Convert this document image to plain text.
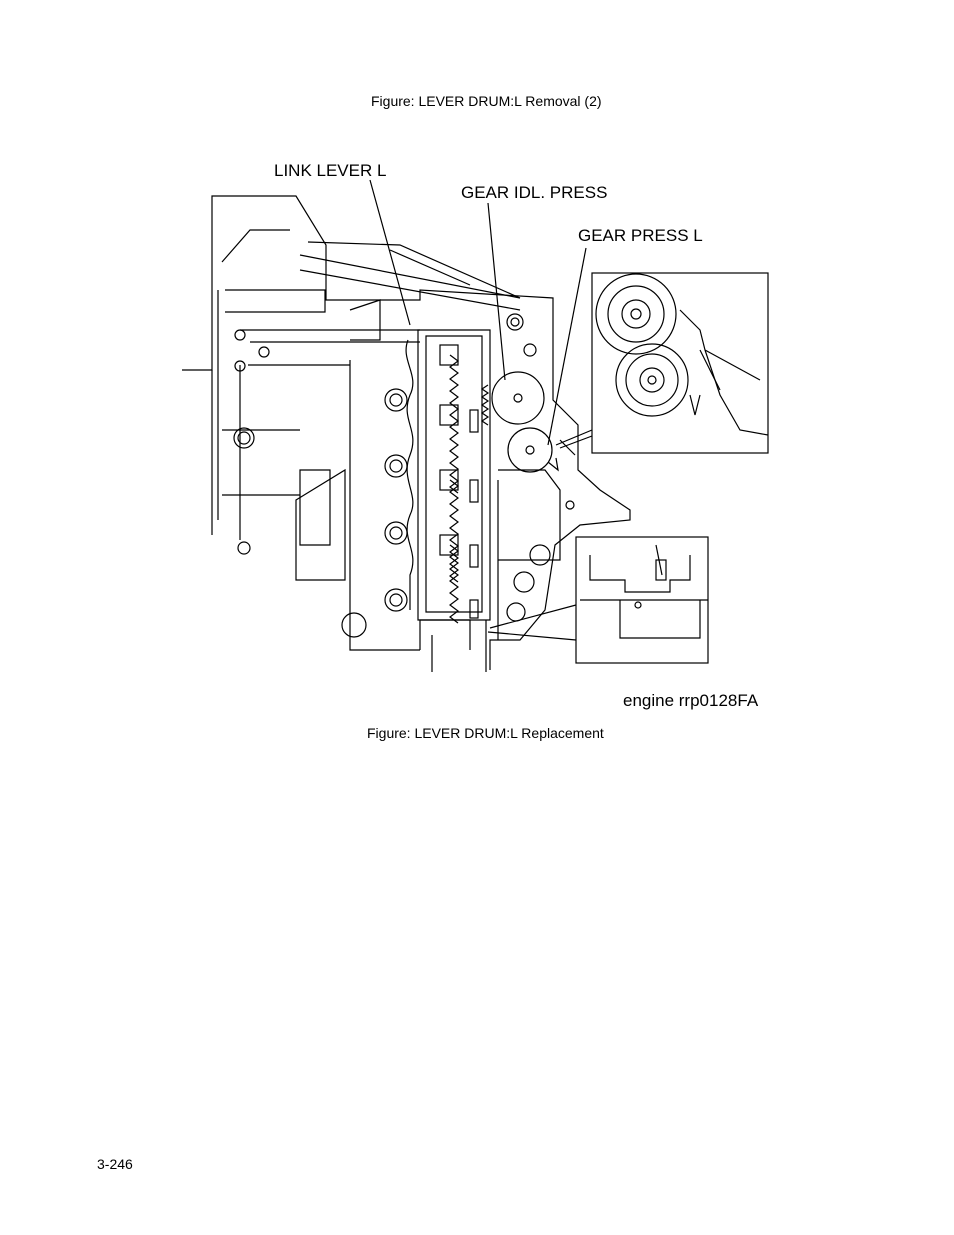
Figure: LEVER DRUM:L Removal (2)
LINK LEVER L
GEAR IDL. PRESS
GEAR PRESS L
engine rrp0128FA
Figure: LEVER DRUM:L Replacement
3-246
